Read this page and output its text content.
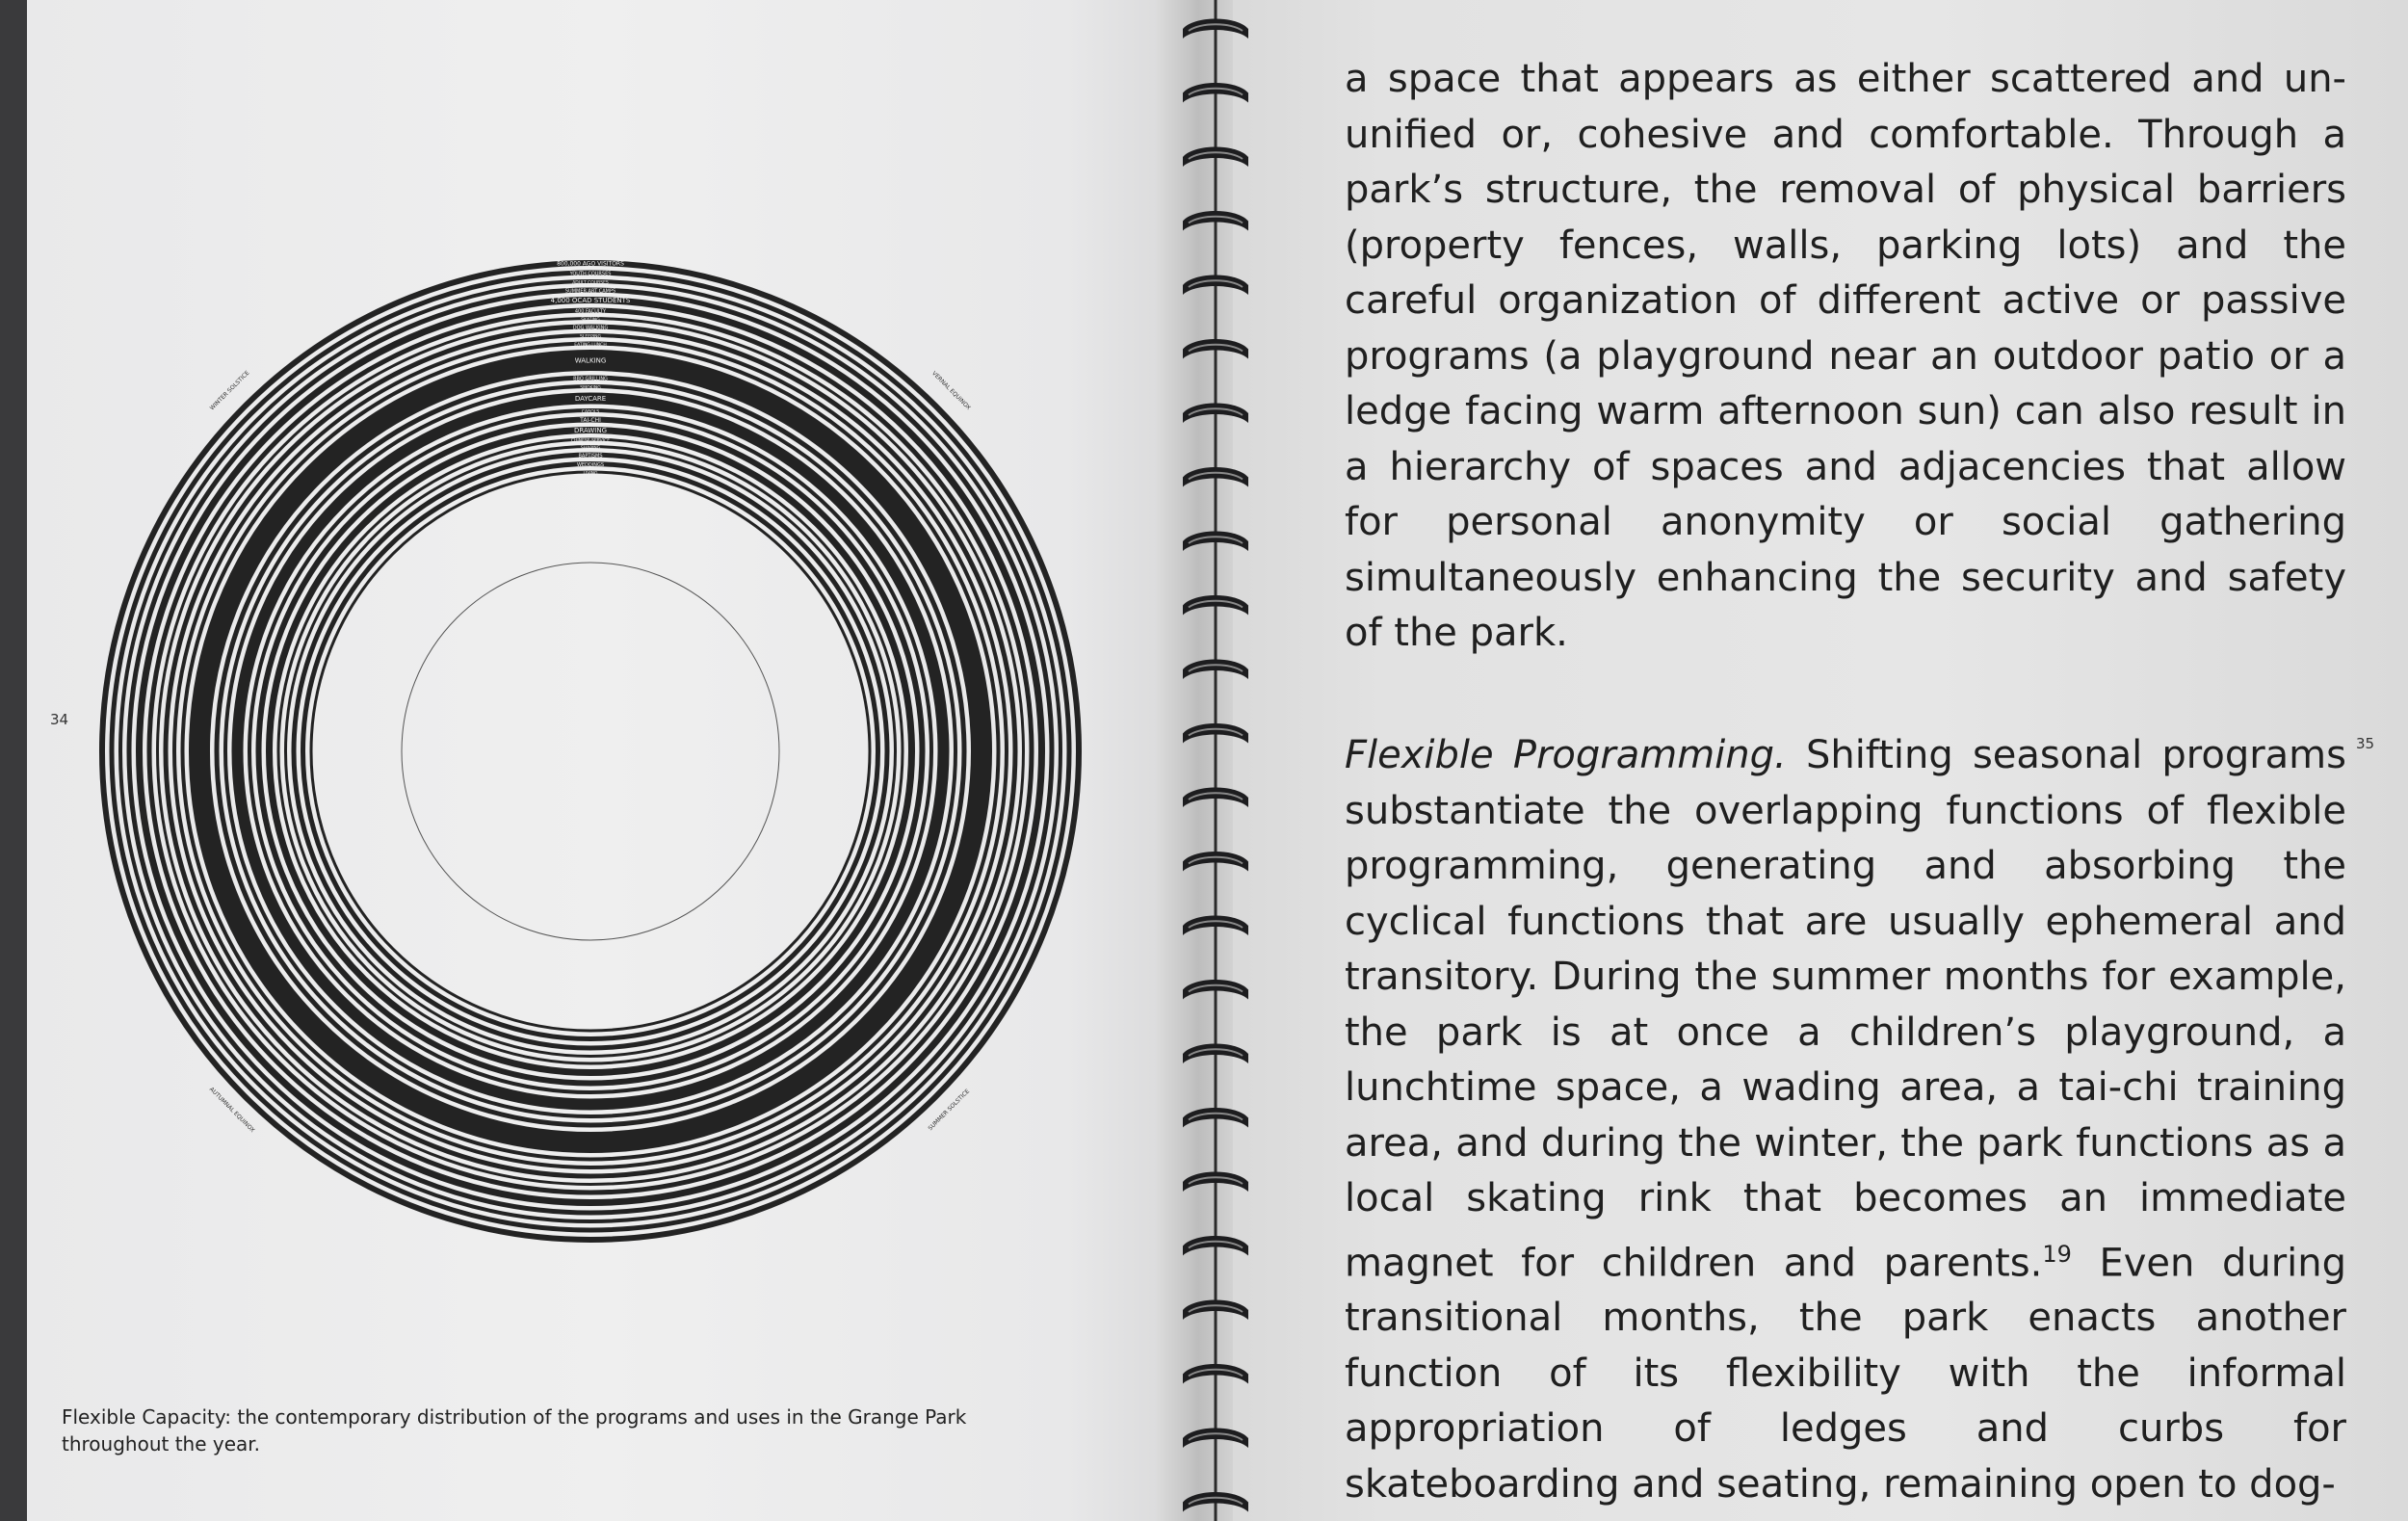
800,000 AGO VISITORS
YOUTH COURSES
ADULT COURSES
SUMMER ART CAMPS
4,000 OCAD STUDENTS
400 FACULTY
SKATING
DOG WALKING
SLEEPING
EATING LUNCH
WALKING
BBQ GRILLING
SMOKING
DAYCARE
CAROLS
TAI-CHI
DRAWING
CHINESE SERVICE
SHAPING
BAPTISMS
WEDDINGS
LIVING
WINTER SOLSTICE	VERNAL EQUINOX
SUMMER SOLSTICE
AUTUMNAL EQUINOX
34
35
Flexible Capacity: the contemporary distribution of the programs and uses in the Grange Park throughout the year.
a space that appears as either scattered and un-unified or, cohesive and comfortable. Through a park’s structure, the removal of physical barriers (property fences, walls, parking lots) and the careful organization of different active or passive programs (a playground near an outdoor patio or a ledge facing warm afternoon sun) can also result in a hierarchy of spaces and adjacencies that allow for personal anonymity or social gathering simultaneously enhancing the security and safety of the park.
Flexible Programming. Shifting seasonal programs substantiate the overlapping functions of flexible programming, generating and absorbing the cyclical functions that are usually ephemeral and transitory. During the summer months for example, the park is at once a children’s playground, a lunchtime space, a wading area, a tai-chi training area, and during the winter, the park functions as a local skating rink that becomes an immediate magnet for children and parents.$^{19}$ Even during transitional months, the park enacts another function of its flexibility with the informal appropriation of ledges and curbs for skateboarding and seating, remaining open to dog-
